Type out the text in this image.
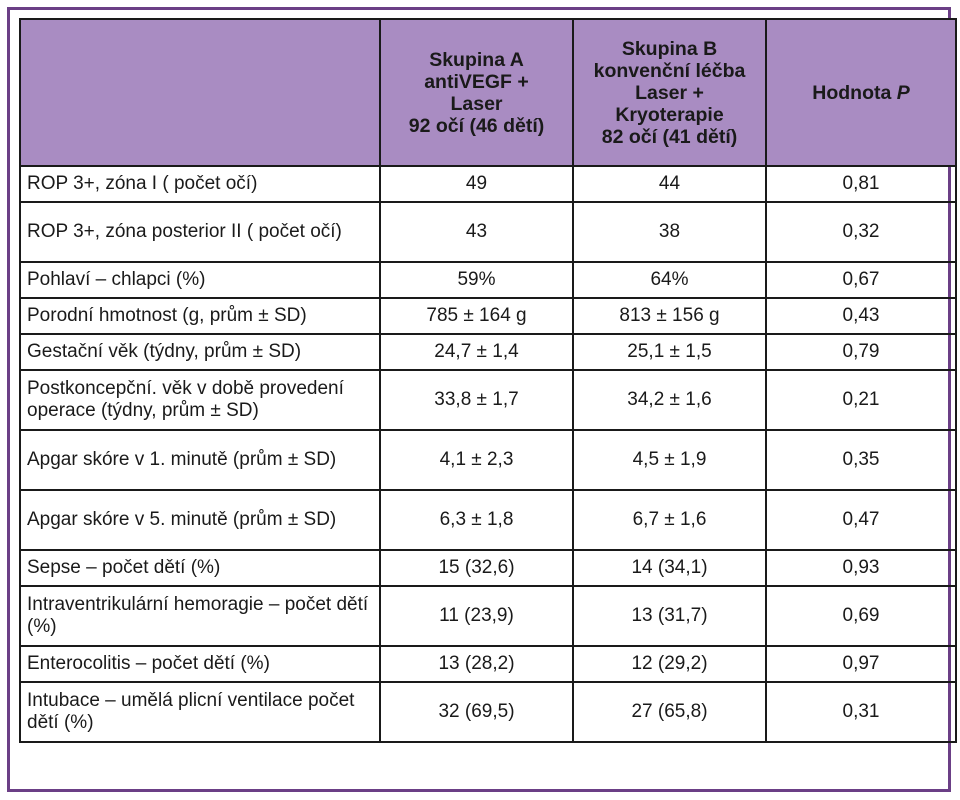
	Skupina A
antiVEGF +
Laser
92 očí (46 dětí)	Skupina B
konvenční léčba
Laser +
Kryoterapie
82 očí (41 dětí)	Hodnota P
ROP 3+, zóna I ( počet očí)	49	44	0,81
ROP 3+, zóna posterior II ( počet očí)	43	38	0,32
Pohlaví – chlapci (%)	59%	64%	0,67
Porodní hmotnost (g, prům ± SD)	785 ± 164 g	813 ± 156 g	0,43
Gestační věk (týdny, prům ± SD)	24,7 ± 1,4	25,1 ± 1,5	0,79
Postkoncepční. věk v době provedení operace (týdny, prům ± SD)	33,8 ± 1,7	34,2 ± 1,6	0,21
Apgar skóre v 1. minutě (prům ± SD)	4,1 ± 2,3	4,5 ± 1,9	0,35
Apgar skóre v 5. minutě (prům ± SD)	6,3 ± 1,8	6,7 ± 1,6	0,47
Sepse – počet dětí (%)	15 (32,6)	14 (34,1)	0,93
Intraventrikulární hemoragie – počet dětí (%)	11 (23,9)	13 (31,7)	0,69
Enterocolitis – počet dětí (%)	13 (28,2)	12 (29,2)	0,97
Intubace – umělá plicní ventilace počet dětí (%)	32 (69,5)	27 (65,8)	0,31
